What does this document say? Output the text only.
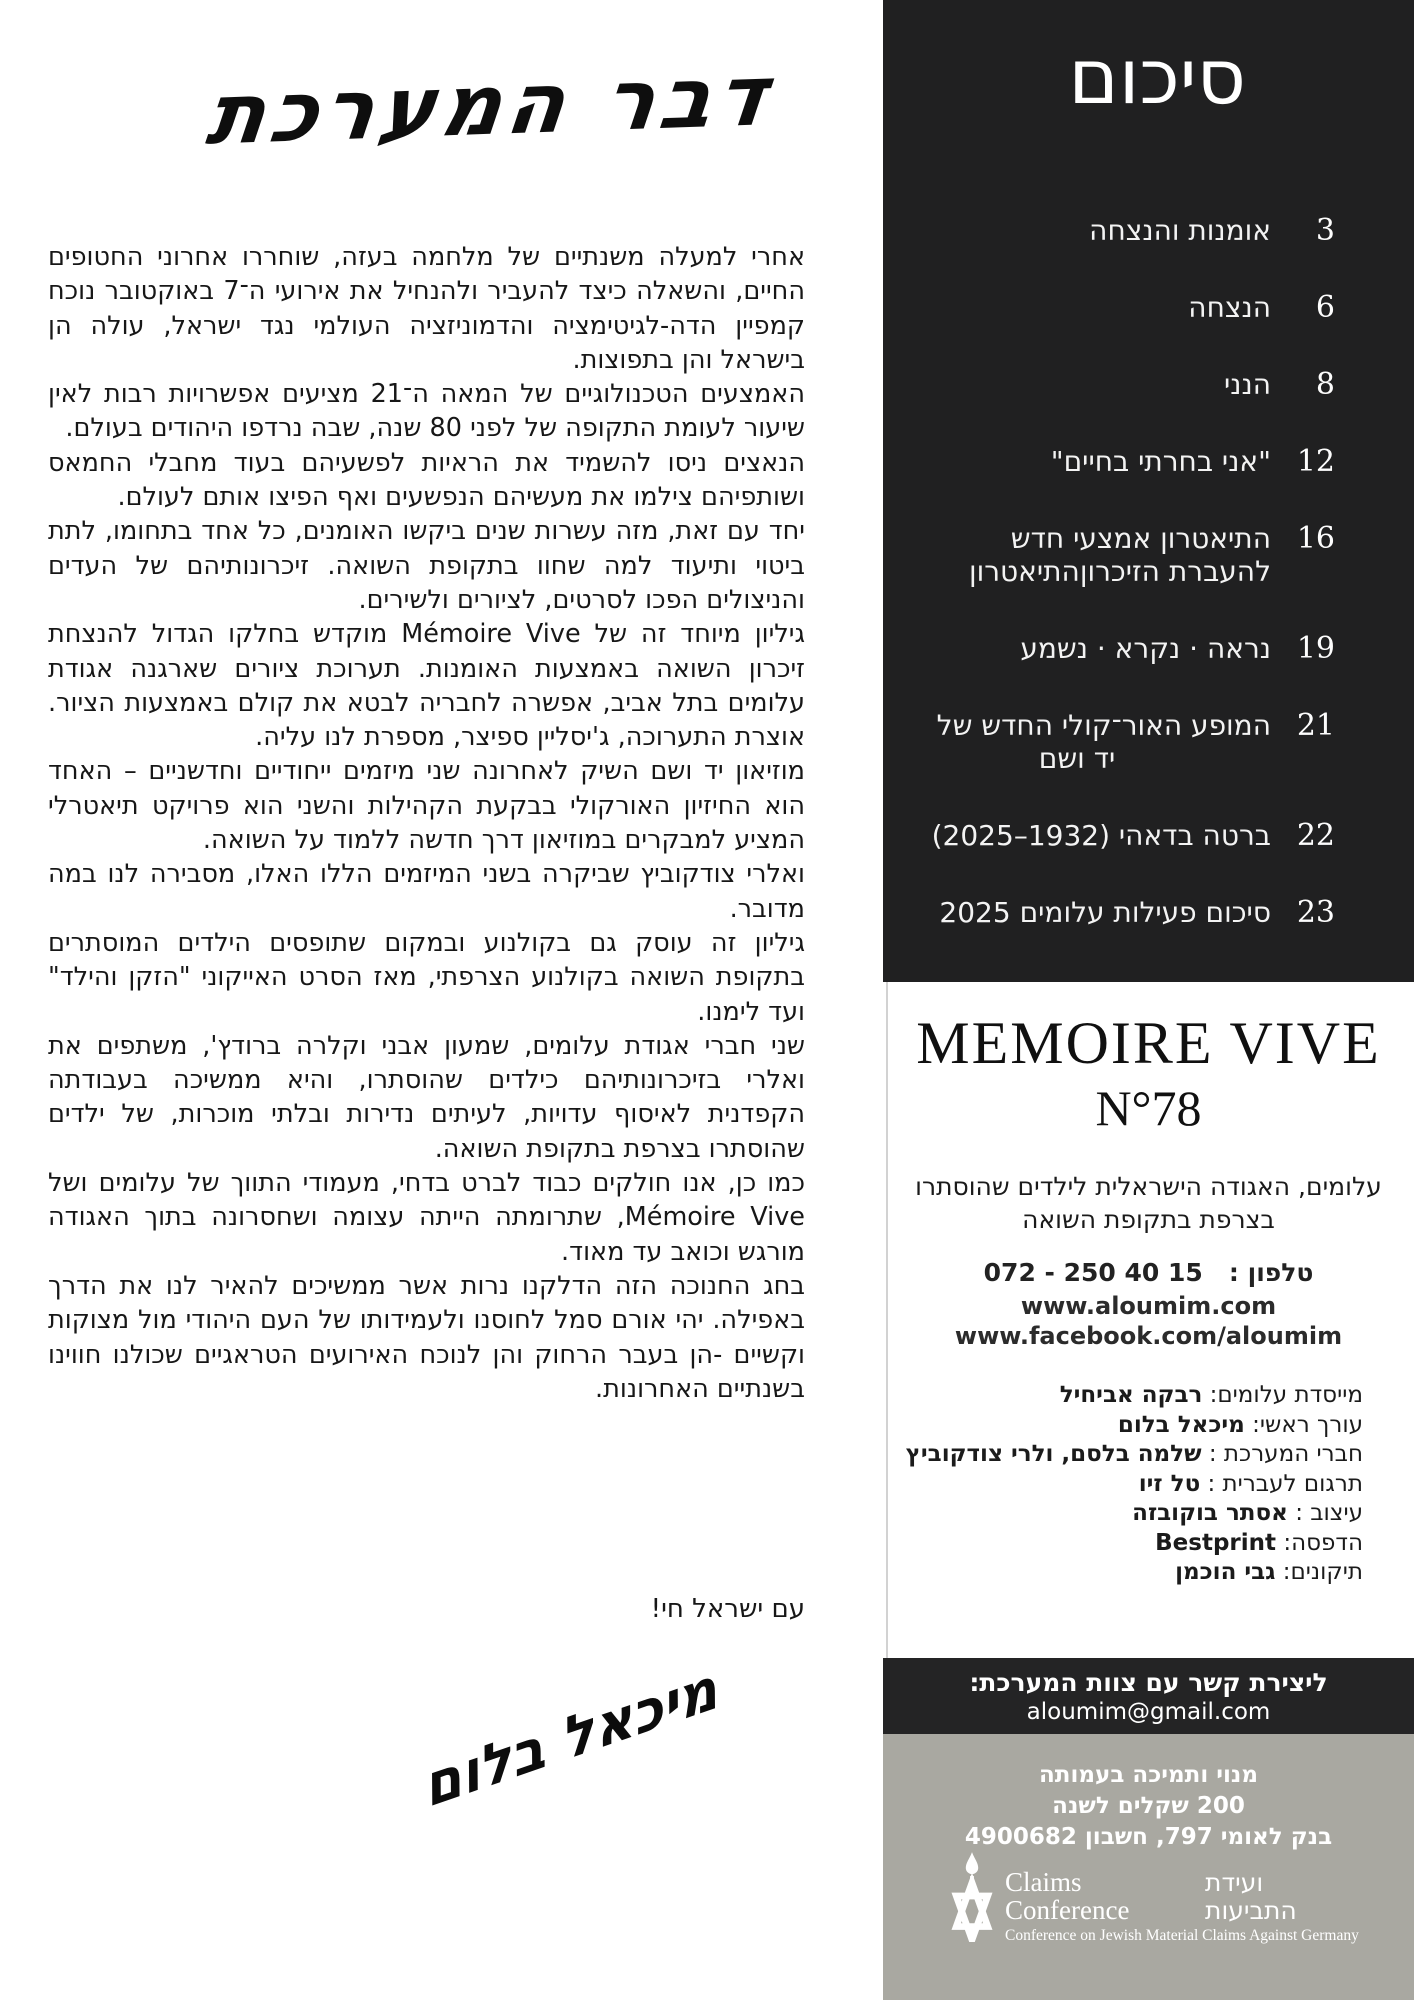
דבר המערכת

אחרי למעלה משנתיים של מלחמה בעזה, שוחררו אחרוני החטופים החיים, והשאלה כיצד להעביר ולהנחיל את אירועי ה־7 באוקטובר נוכח קמפיין הדה-לגיטימציה והדמוניזציה העולמי נגד ישראל, עולה הן בישראל והן בתפוצות.

האמצעים הטכנולוגיים של המאה ה־21 מציעים אפשרויות רבות לאין שיעור לעומת התקופה של לפני 80 שנה, שבה נרדפו היהודים בעולם.

הנאצים ניסו להשמיד את הראיות לפשעיהם בעוד מחבלי החמאס ושותפיהם צילמו את מעשיהם הנפשעים ואף הפיצו אותם לעולם.

יחד עם זאת, מזה עשרות שנים ביקשו האומנים, כל אחד בתחומו, לתת ביטוי ותיעוד למה שחוו בתקופת השואה. זיכרונותיהם של העדים והניצולים הפכו לסרטים, לציורים ולשירים.

גיליון מיוחד זה של Mémoire Vive מוקדש בחלקו הגדול להנצחת זיכרון השואה באמצעות האומנות. תערוכת ציורים שארגנה אגודת עלומים בתל אביב, אפשרה לחבריה לבטא את קולם באמצעות הציור. אוצרת התערוכה, ג'יסליין ספיצר, מספרת לנו עליה.

מוזיאון יד ושם השיק לאחרונה שני מיזמים ייחודיים וחדשניים – האחד הוא החיזיון האורקולי בבקעת הקהילות והשני הוא פרויקט תיאטרלי המציע למבקרים במוזיאון דרך חדשה ללמוד על השואה.

ואלרי צודקוביץ שביקרה בשני המיזמים הללו האלו, מסבירה לנו במה מדובר.

גיליון זה עוסק גם בקולנוע ובמקום שתופסים הילדים המוסתרים בתקופת השואה בקולנוע הצרפתי, מאז הסרט האייקוני "הזקן והילד" ועד לימנו.

שני חברי אגודת עלומים, שמעון אבני וקלרה ברודץ', משתפים את ואלרי בזיכרונותיהם כילדים שהוסתרו, והיא ממשיכה בעבודתה הקפדנית לאיסוף עדויות, לעיתים נדירות ובלתי מוכרות, של ילדים שהוסתרו בצרפת בתקופת השואה.

כמו כן, אנו חולקים כבוד לברט בדחי, מעמודי התווך של עלומים ושל Mémoire Vive, שתרומתה הייתה עצומה ושחסרונה בתוך האגודה מורגש וכואב עד מאוד.

בחג החנוכה הזה הדלקנו נרות אשר ממשיכים להאיר לנו את הדרך באפילה. יהי אורם סמל לחוסנו ולעמידותו של העם היהודי מול מצוקות וקשיים -הן בעבר הרחוק והן לנוכח האירועים הטראגיים שכולנו חווינו בשנתיים האחרונות.

עם ישראל חי!
מיכאל בלום
סיכום
3
אומנות והנצחה
6
הנצחה
8
הנני
12
"אני בחרתי בחיים"
16
התיאטרון אמצעי חדש
להעברת הזיכרוןהתיאטרון
19
נראה · נקרא · נשמע
21
המופע האור־קולי החדש של
יד ושם
22
ברטה בדאהי (1932–2025)
23
סיכום פעילות עלומים 2025
MEMOIRE VIVE
N°78
עלומים, האגודה הישראלית לילדים שהוסתרו
בצרפת בתקופת השואה
טלפון :   072 - 250 40 15
www.aloumim.com
www.facebook.com/aloumim
מייסדת עלומים: רבקה אביחיל
עורך ראשי: מיכאל בלום
חברי המערכת : שלמה בלסם, ולרי צודקוביץ
תרגום לעברית : טל זיו
עיצוב : אסתר בוקובזה
הדפסה: Bestprint
תיקונים: גבי הוכמן
ליצירת קשר עם צוות המערכת:
aloumim@gmail.com
מנוי ותמיכה בעמותה
200 שקלים לשנה
בנק לאומי 797, חשבון 4900682
Claims Conference
ועידת התביעות
Conference on Jewish Material Claims Against Germany
